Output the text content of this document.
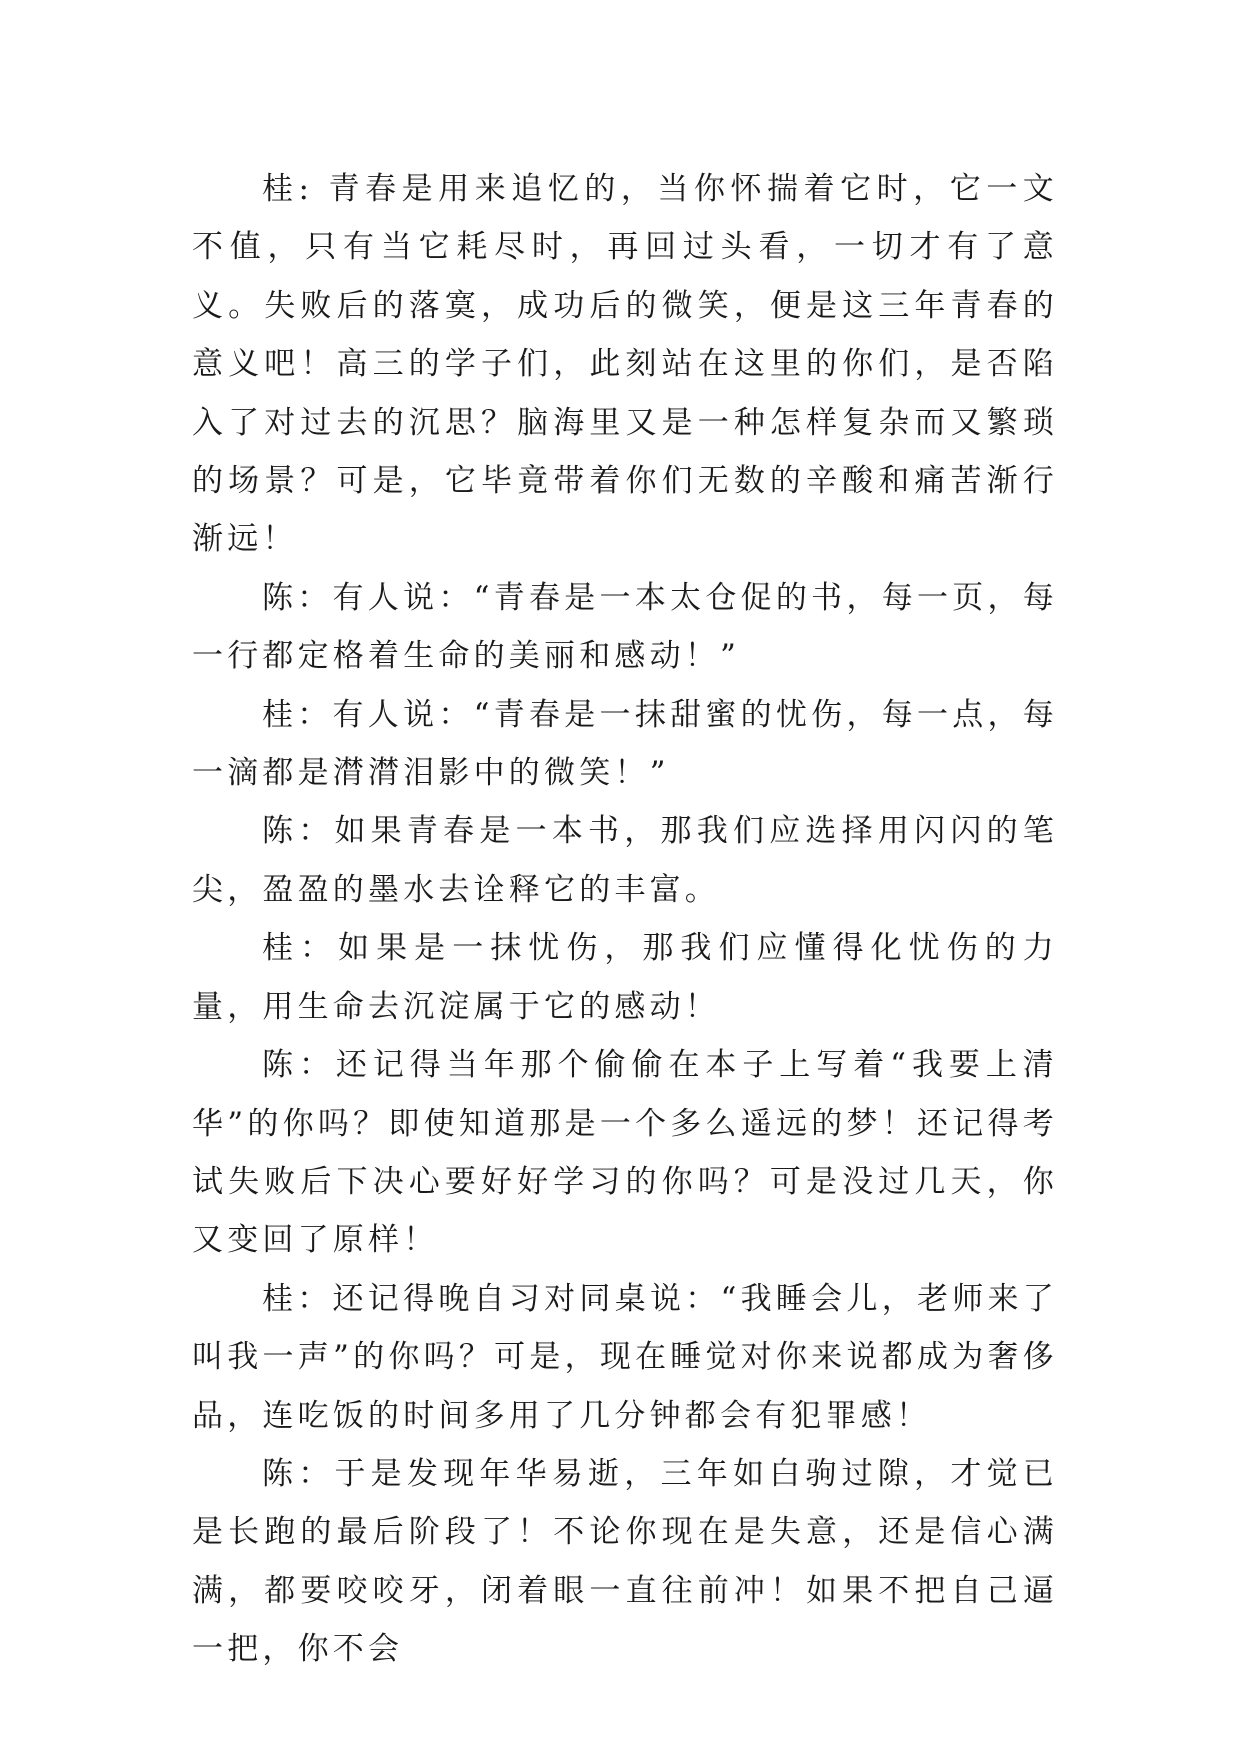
桂: 青春是用来追忆的，当你怀揣着它时，它一文不值，只有当它耗尽时，再回过头看，一切才有了意义。失败后的落寞，成功后的微笑，便是这三年青春的意义吧！高三的学子们，此刻站在这里的你们，是否陷入了对过去的沉思？脑海里又是一种怎样复杂而又繁琐的场景？可是，它毕竟带着你们无数的辛酸和痛苦渐行渐远！

陈：有人说：“青春是一本太仓促的书，每一页，每一行都定格着生命的美丽和感动！”

桂：有人说：“青春是一抹甜蜜的忧伤，每一点，每一滴都是潸潸泪影中的微笑！”

陈：如果青春是一本书，那我们应选择用闪闪的笔尖，盈盈的墨水去诠释它的丰富。

桂：如果是一抹忧伤，那我们应懂得化忧伤的力量，用生命去沉淀属于它的感动！

陈：还记得当年那个偷偷在本子上写着“我要上清华”的你吗？即使知道那是一个多么遥远的梦！还记得考试失败后下决心要好好学习的你吗？可是没过几天，你又变回了原样！

桂：还记得晚自习对同桌说：“我睡会儿，老师来了叫我一声”的你吗？可是，现在睡觉对你来说都成为奢侈品，连吃饭的时间多用了几分钟都会有犯罪感！

陈：于是发现年华易逝，三年如白驹过隙，才觉已是长跑的最后阶段了！不论你现在是失意，还是信心满满，都要咬咬牙，闭着眼一直往前冲！如果不把自己逼一把，你不会
